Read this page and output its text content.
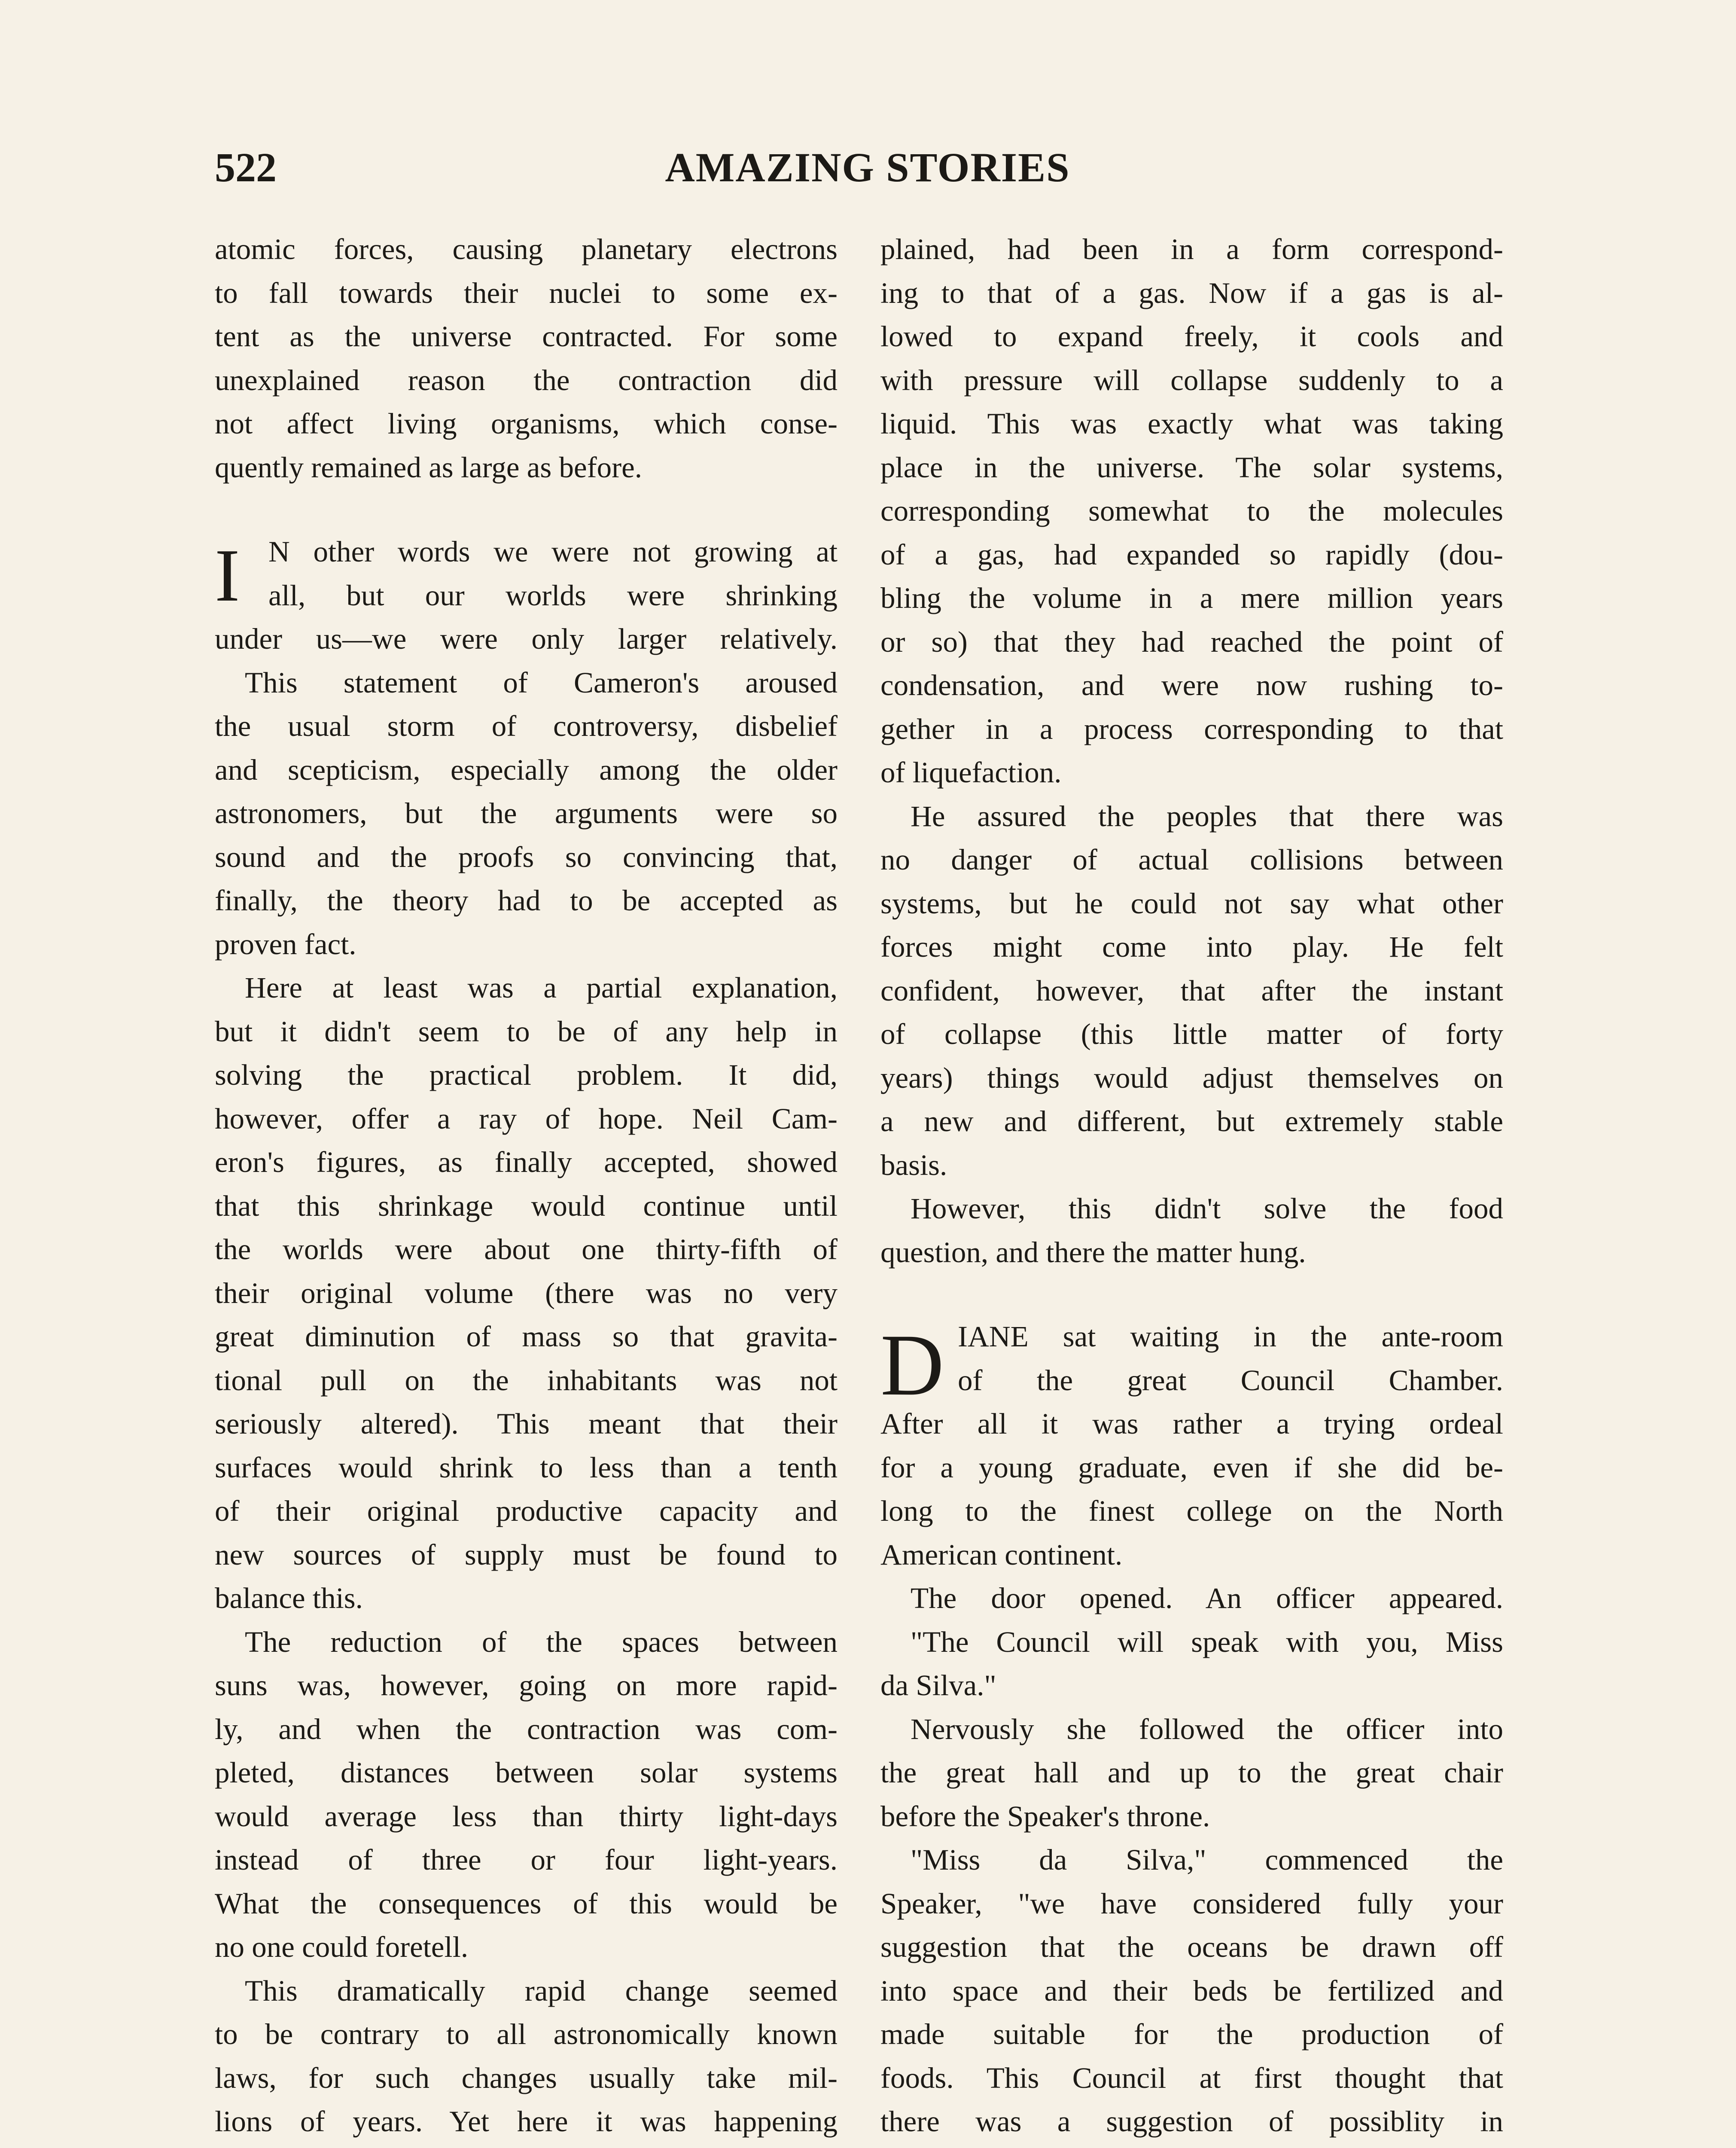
522	AMAZING STORIES
atomic forces, causing planetary electrons
to fall towards their nuclei to some ex-
tent as the universe contracted. For some
unexplained reason the contraction did
not affect living organisms, which conse-
quently remained as large as before.
I N other words we were not growing at
all, but our worlds were shrinking
under us—we were only larger relatively.
This statement of Cameron's aroused
the usual storm of controversy, disbelief
and scepticism, especially among the older
astronomers, but the arguments were so
sound and the proofs so convincing that,
finally, the theory had to be accepted as
proven fact.
Here at least was a partial explanation,
but it didn't seem to be of any help in
solving the practical problem. It did,
however, offer a ray of hope. Neil Cam-
eron's figures, as finally accepted, showed
that this shrinkage would continue until
the worlds were about one thirty-fifth of
their original volume (there was no very
great diminution of mass so that gravita-
tional pull on the inhabitants was not
seriously altered). This meant that their
surfaces would shrink to less than a tenth
of their original productive capacity and
new sources of supply must be found to
balance this.
The reduction of the spaces between
suns was, however, going on more rapid-
ly, and when the contraction was com-
pleted, distances between solar systems
would average less than thirty light-days
instead of three or four light-years.
What the consequences of this would be
no one could foretell.
This dramatically rapid change seemed
to be contrary to all astronomically known
laws, for such changes usually take mil-
lions of years. Yet here it was happening
plained, had been in a form correspond-
ing to that of a gas. Now if a gas is al-
lowed to expand freely, it cools and
with pressure will collapse suddenly to a
liquid. This was exactly what was taking
place in the universe. The solar systems,
corresponding somewhat to the molecules
of a gas, had expanded so rapidly (dou-
bling the volume in a mere million years
or so) that they had reached the point of
condensation, and were now rushing to-
gether in a process corresponding to that
of liquefaction.
He assured the peoples that there was
no danger of actual collisions between
systems, but he could not say what other
forces might come into play. He felt
confident, however, that after the instant
of collapse (this little matter of forty
years) things would adjust themselves on
a new and different, but extremely stable
basis.
However, this didn't solve the food
question, and there the matter hung.
D IANE sat waiting in the ante-room
of the great Council Chamber.
After all it was rather a trying ordeal
for a young graduate, even if she did be-
long to the finest college on the North
American continent.
The door opened. An officer appeared.
"The Council will speak with you, Miss
da Silva."
Nervously she followed the officer into
the great hall and up to the great chair
before the Speaker's throne.
"Miss da Silva," commenced the
Speaker, "we have considered fully your
suggestion that the oceans be drawn off
into space and their beds be fertilized and
made suitable for the production of
foods. This Council at first thought that
there was a suggestion of possiblity in
